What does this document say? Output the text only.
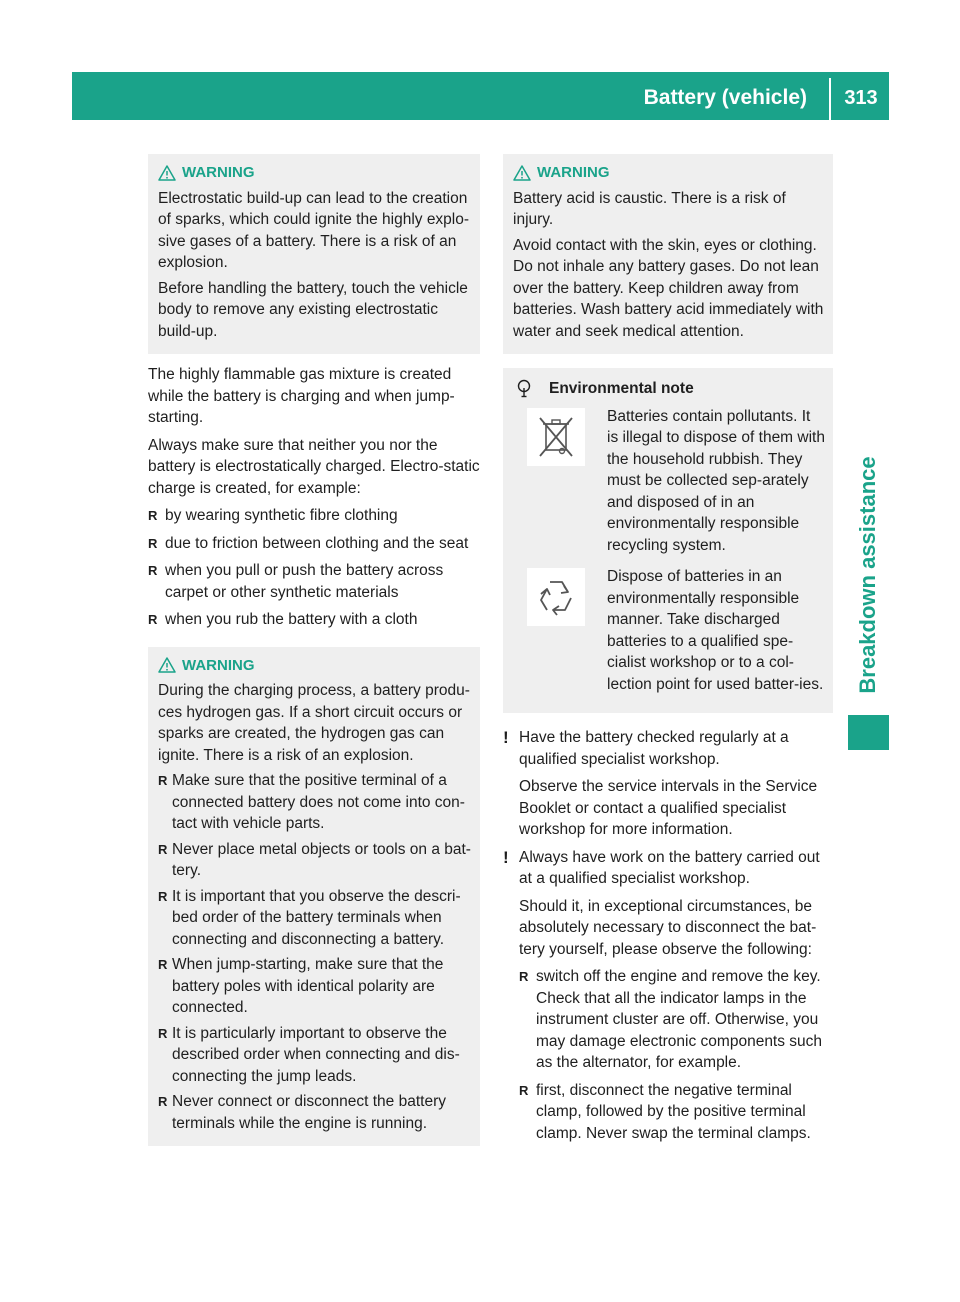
Battery (vehicle)	313
Breakdown assistance
WARNING

Electrostatic build-up can lead to the creation of sparks, which could ignite the highly explo-sive gases of a battery. There is a risk of an explosion.

Before handling the battery, touch the vehicle body to remove any existing electrostatic build-up.

The highly flammable gas mixture is created while the battery is charging and when jump-starting.

Always make sure that neither you nor the battery is electrostatically charged. Electro-static charge is created, for example:

R by wearing synthetic fibre clothing
R due to friction between clothing and the seat
R when you pull or push the battery across carpet or other synthetic materials
R when you rub the battery with a cloth
WARNING

During the charging process, a battery produ-ces hydrogen gas. If a short circuit occurs or sparks are created, the hydrogen gas can ignite. There is a risk of an explosion.

R Make sure that the positive terminal of a connected battery does not come into con-tact with vehicle parts.
R Never place metal objects or tools on a bat-tery.
R It is important that you observe the descri-bed order of the battery terminals when connecting and disconnecting a battery.
R When jump-starting, make sure that the battery poles with identical polarity are connected.
R It is particularly important to observe the described order when connecting and dis-connecting the jump leads.
R Never connect or disconnect the battery terminals while the engine is running.
WARNING

Battery acid is caustic. There is a risk of injury.

Avoid contact with the skin, eyes or clothing. Do not inhale any battery gases. Do not lean over the battery. Keep children away from batteries. Wash battery acid immediately with water and seek medical attention.

Environmental note
Batteries contain pollutants. It is illegal to dispose of them with the household rubbish. They must be collected sep-arately and disposed of in an environmentally responsible recycling system.
Dispose of batteries in an environmentally responsible manner. Take discharged batteries to a qualified spe-cialist workshop or to a col-lection point for used batter-ies.
! Have the battery checked regularly at a qualified specialist workshop.

Observe the service intervals in the Service Booklet or contact a qualified specialist workshop for more information.

! Always have work on the battery carried out at a qualified specialist workshop.

Should it, in exceptional circumstances, be absolutely necessary to disconnect the bat-tery yourself, please observe the following:

R switch off the engine and remove the key. Check that all the indicator lamps in the instrument cluster are off. Otherwise, you may damage electronic components such as the alternator, for example.
R first, disconnect the negative terminal clamp, followed by the positive terminal clamp. Never swap the terminal clamps.
